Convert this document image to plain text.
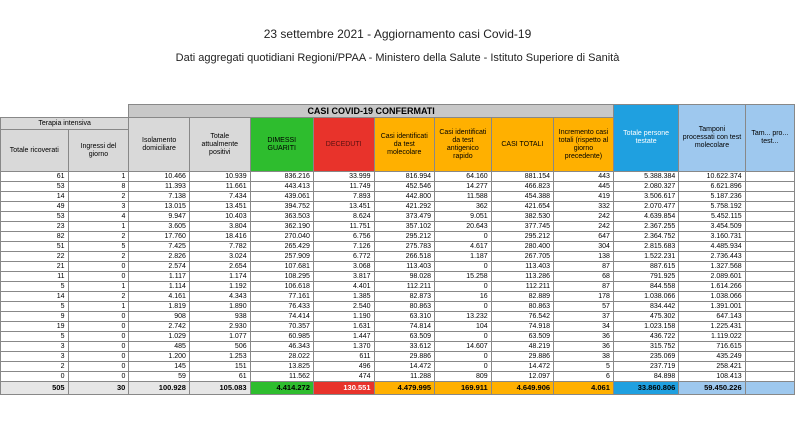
23 settembre 2021 - Aggiornamento casi Covid-19
Dati aggregati quotidiani Regioni/PPAA - Ministero della Salute - Istituto Superiore di Sanità
		CASI COVID-19 CONFERMATI								Totale persone testate	Tamponi processati con test molecolare	Tam... pro... test...
Terapia intensiva		Isolamento domiciliare	Totale attualmente positivi	DIMESSI GUARITI	DECEDUTI	Casi identificati da test molecolare	Casi identificati da test antigenico rapido	CASI TOTALI	Incremento casi totali (rispetto al giorno precedente)			
Totale ricoverati	Ingressi del giorno											
61	1	10.466	10.939	836.216	33.999	816.994	64.160	881.154	443	5.388.384	10.622.374	
53	8	11.393	11.661	443.413	11.749	452.546	14.277	466.823	445	2.080.327	6.621.896	
14	2	7.138	7.434	439.061	7.893	442.800	11.588	454.388	419	3.506.617	5.187.236	
49	3	13.015	13.451	394.752	13.451	421.292	362	421.654	332	2.070.477	5.758.192	
53	4	9.947	10.403	363.503	8.624	373.479	9.051	382.530	242	4.639.854	5.452.115	
23	1	3.605	3.804	362.190	11.751	357.102	20.643	377.745	242	2.367.255	3.454.509	
82	2	17.760	18.416	270.040	6.756	295.212	0	295.212	647	2.364.752	3.160.731	
51	5	7.425	7.782	265.429	7.126	275.783	4.617	280.400	304	2.815.683	4.485.934	
22	2	2.826	3.024	257.909	6.772	266.518	1.187	267.705	138	1.522.231	2.736.443	
21	0	2.574	2.654	107.681	3.068	113.403	0	113.403	87	887.615	1.327.568	
11	0	1.117	1.174	108.295	3.817	98.028	15.258	113.286	68	791.925	2.089.601	
5	1	1.114	1.192	106.618	4.401	112.211	0	112.211	87	844.558	1.614.266	
14	2	4.161	4.343	77.161	1.385	82.873	16	82.889	178	1.038.066	1.038.066	
5	1	1.819	1.890	76.433	2.540	80.863	0	80.863	57	834.442	1.391.001	
9	0	908	938	74.414	1.190	63.310	13.232	76.542	37	475.302	647.143	
19	0	2.742	2.930	70.357	1.631	74.814	104	74.918	34	1.023.158	1.225.431	
5	0	1.029	1.077	60.985	1.447	63.509	0	63.509	36	436.722	1.119.022	
3	0	485	506	46.343	1.370	33.612	14.607	48.219	36	315.752	716.615	
3	0	1.200	1.253	28.022	611	29.886	0	29.886	38	235.069	435.249	
2	0	145	151	13.825	496	14.472	0	14.472	5	237.719	258.421	
0	0	59	61	11.562	474	11.288	809	12.097	6	84.898	108.413	
505	30	100.928	105.083	4.414.272	130.551	4.479.995	169.911	4.649.906	4.061	33.860.806	59.450.226	
